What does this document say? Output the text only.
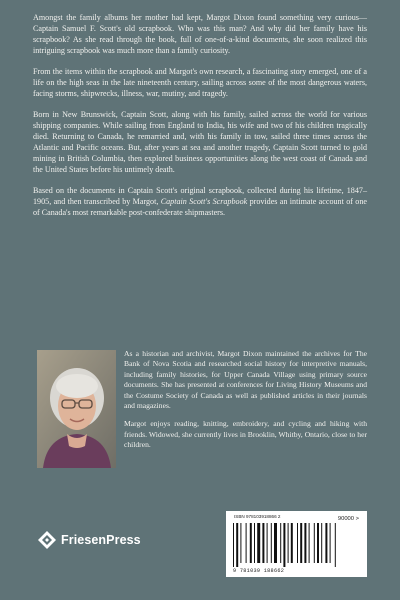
Amongst the family albums her mother had kept, Margot Dixon found something very curious—Captain Samuel F. Scott's old scrapbook. Who was this man? And why did her family have his scrapbook? As she read through the book, full of one-of-a-kind documents, she soon realized this intriguing scrapbook was much more than a family curiosity.

From the items within the scrapbook and Margot's own research, a fascinating story emerged, one of a life on the high seas in the late nineteenth century, sailing across some of the most dangerous waters, facing storms, shipwrecks, illness, war, mutiny, and tragedy.

Born in New Brunswick, Captain Scott, along with his family, sailed across the world for various shipping companies. While sailing from England to India, his wife and two of his children tragically died. Returning to Canada, he remarried and, with his family in tow, sailed three times across the Atlantic and Pacific oceans. But, after years at sea and another tragedy, Captain Scott turned to gold mining in British Columbia, then explored business opportunities along the west coast of Canada and the United States before his untimely death.

Based on the documents in Captain Scott's original scrapbook, collected during his lifetime, 1847–1905, and then transcribed by Margot, Captain Scott's Scrapbook provides an intimate account of one of Canada's most remarkable post-confederate shipmasters.

As a historian and archivist, Margot Dixon maintained the archives for The Bank of Nova Scotia and researched social history for interpretive manuals, including family histories, for Upper Canada Village using primary source documents. She has presented at conferences for Living History Museums and the Costume Society of Canada as well as published articles in their journals and magazines.

Margot enjoys reading, knitting, embroidery, and cycling and hiking with friends. Widowed, she currently lives in Brooklin, Whitby, Ontario, close to her children.

FriesenPress
ISBN 978103918866 2	90000 >
9 781039 188662
